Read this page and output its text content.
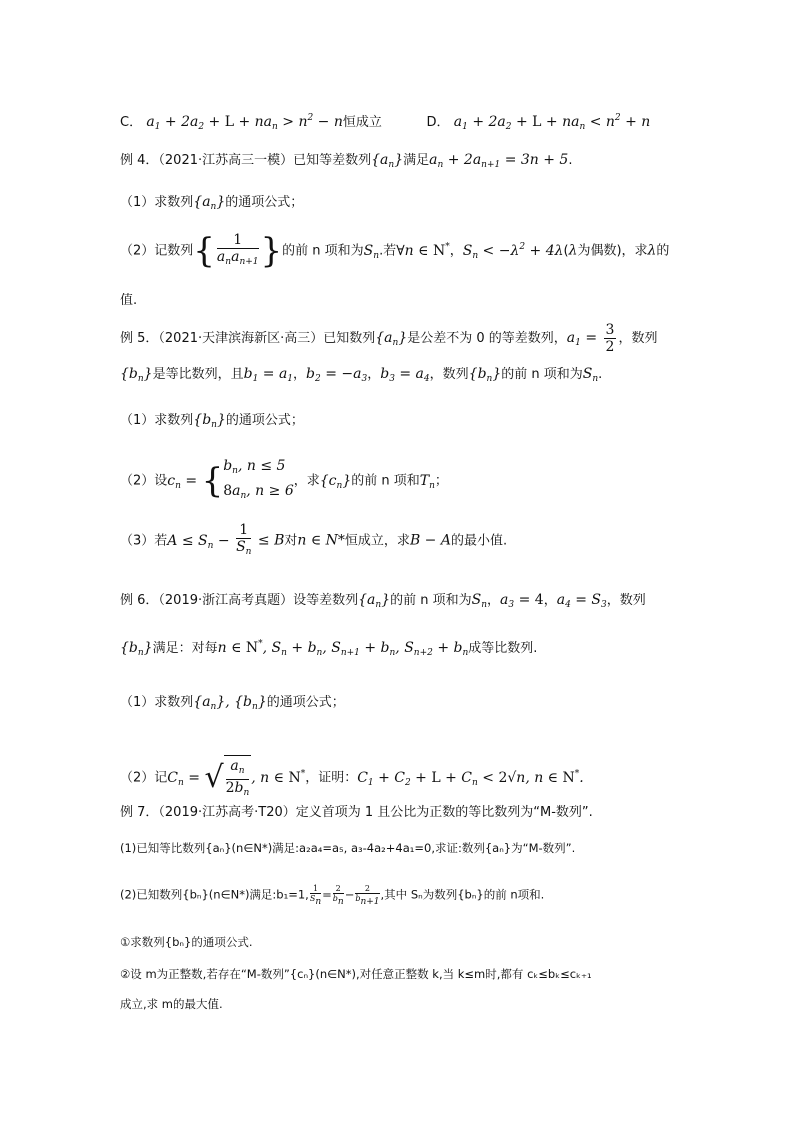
C． $a_1 + 2a_2 + L + na_n > n^2 - n$恒成立	D． $a_1 + 2a_2 + L + na_n < n^2 + n$
例 4．（2021·江苏高三一模）已知等差数列$\{a_n\}$满足$a_n + 2a_{n+1} = 3n + 5$.
（1）求数列$\{a_n\}$的通项公式；
（2）记数列{ $\frac{1}{a_na_{n+1}}$ }的前 n 项和为$S_n$.若∀n ∈ N*，$S_n < -\lambda^2 + 4\lambda(\lambda$为偶数)，求λ的
值.
例 5．（2021·天津滨海新区·高三）已知数列$\{a_n\}$是公差不为 0 的等差数列，$a_1 = \frac{3}{2}$ ，数列
$\{b_n\}$是等比数列，且$b_1 = a_1$，$b_2 = -a_3$，$b_3 = a_4$，数列$\{b_n\}$的前 n 项和为$S_n$.
（1）求数列$\{b_n\}$的通项公式；
（2）设$c_n$ = { $b_n$, n ≤ 5
$8a_n$, n ≥ 6
，求$\{c_n\}$的前 n 项和$T_n$；
（3）若$A \le S_n - \frac{1}{S_n} \le B$对n ∈ N*恒成立，求B − A的最小值.
例 6．（2019·浙江高考真题）设等差数列$\{a_n\}$的前 n 项和为$S_n$，$a_3 = 4$，$a_4 = S_3$，数列
$\{b_n\}$满足：对每n ∈ N*, $S_n + b_n$, $S_{n+1} + b_n$, $S_{n+2} + b_n$成等比数列.
（1）求数列$\{a_n\}$, $\{b_n\}$的通项公式；
（2）记$C_n$ = √ $\frac{a_n}{2b_n}$ , n ∈ N*，证明：$C_1 + C_2 + L + C_n < 2√n$, n ∈ N*.
例 7．（2019·江苏高考·T20）定义首项为 1 且公比为正数的等比数列为“M-数列”.
(1)已知等比数列{aₙ}(n∈N*)满足:a₂a₄=a₅, a₃-4a₂+4a₁=0,求证:数列{aₙ}为“M-数列”.
(2)已知数列{bₙ}(n∈N*)满足:b₁=1, $\frac{1}{S_n} = \frac{2}{b_n} - \frac{2}{b_{n+1}}$ ,其中 Sₙ为数列{bₙ}的前 n项和.
①求数列{bₙ}的通项公式.
②设 m为正整数,若存在“M-数列”{cₙ}(n∈N*),对任意正整数 k,当 k≤m时,都有 cₖ≤bₖ≤cₖ₊₁
成立,求 m的最大值.
